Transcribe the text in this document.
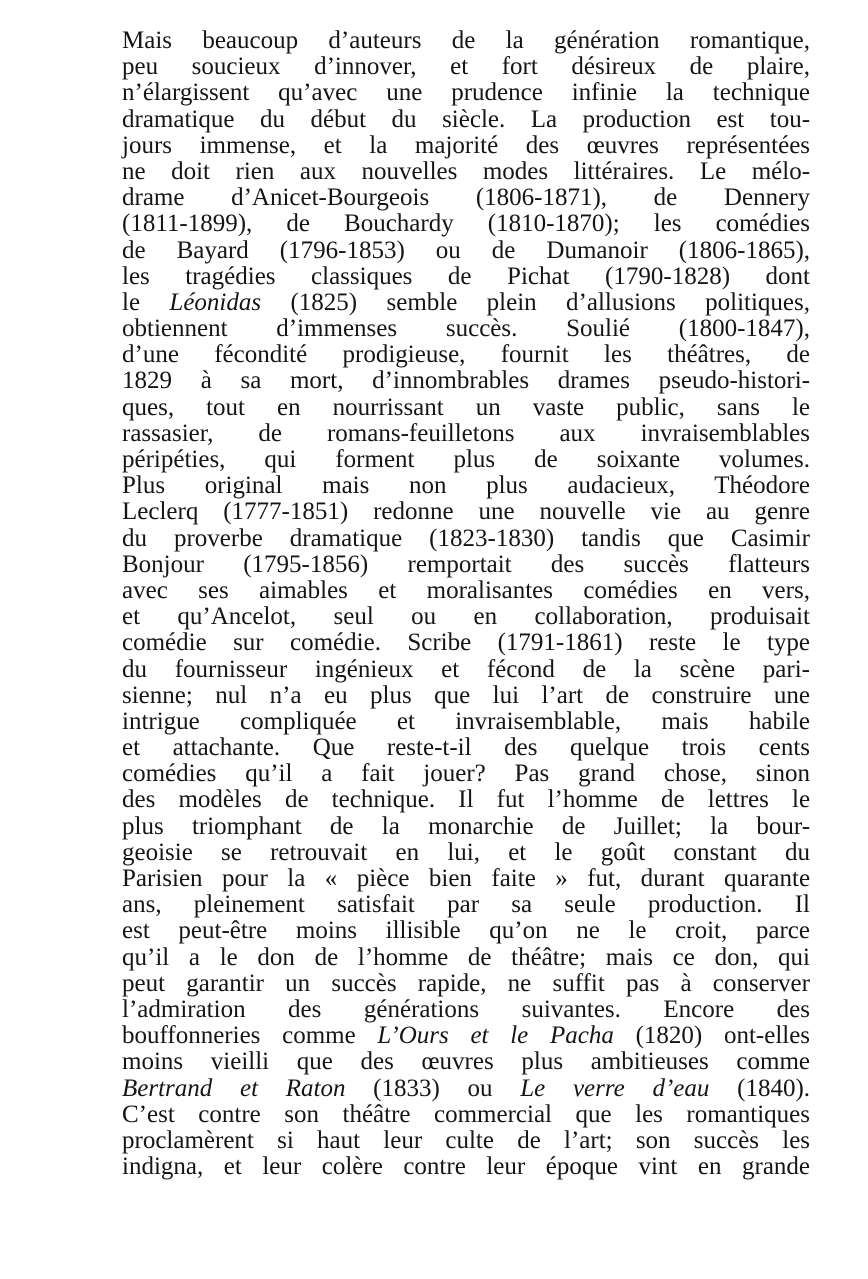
Mais beaucoup d’auteurs de la génération romantique,
peu soucieux d’innover, et fort désireux de plaire,
n’élargissent qu’avec une prudence infinie la technique
dramatique du début du siècle. La production est tou-
jours immense, et la majorité des œuvres représentées
ne doit rien aux nouvelles modes littéraires. Le mélo-
drame d’Anicet-Bourgeois (1806-1871), de Dennery
(1811-1899), de Bouchardy (1810-1870); les comédies
de Bayard (1796-1853) ou de Dumanoir (1806-1865),
les tragédies classiques de Pichat (1790-1828) dont
le Léonidas (1825) semble plein d’allusions politiques,
obtiennent d’immenses succès. Soulié (1800-1847),
d’une fécondité prodigieuse, fournit les théâtres, de
1829 à sa mort, d’innombrables drames pseudo-histori-
ques, tout en nourrissant un vaste public, sans le
rassasier, de romans-feuilletons aux invraisemblables
péripéties, qui forment plus de soixante volumes.
Plus original mais non plus audacieux, Théodore
Leclerq (1777-1851) redonne une nouvelle vie au genre
du proverbe dramatique (1823-1830) tandis que Casimir
Bonjour (1795-1856) remportait des succès flatteurs
avec ses aimables et moralisantes comédies en vers,
et qu’Ancelot, seul ou en collaboration, produisait
comédie sur comédie. Scribe (1791-1861) reste le type
du fournisseur ingénieux et fécond de la scène pari-
sienne; nul n’a eu plus que lui l’art de construire une
intrigue compliquée et invraisemblable, mais habile
et attachante. Que reste-t-il des quelque trois cents
comédies qu’il a fait jouer? Pas grand chose, sinon
des modèles de technique. Il fut l’homme de lettres le
plus triomphant de la monarchie de Juillet; la bour-
geoisie se retrouvait en lui, et le goût constant du
Parisien pour la « pièce bien faite » fut, durant quarante
ans, pleinement satisfait par sa seule production. Il
est peut-être moins illisible qu’on ne le croit, parce
qu’il a le don de l’homme de théâtre; mais ce don, qui
peut garantir un succès rapide, ne suffit pas à conserver
l’admiration des générations suivantes. Encore des
bouffonneries comme L’Ours et le Pacha (1820) ont-elles
moins vieilli que des œuvres plus ambitieuses comme
Bertrand et Raton (1833) ou Le verre d’eau (1840).
C’est contre son théâtre commercial que les romantiques
proclamèrent si haut leur culte de l’art; son succès les
indigna, et leur colère contre leur époque vint en grande
